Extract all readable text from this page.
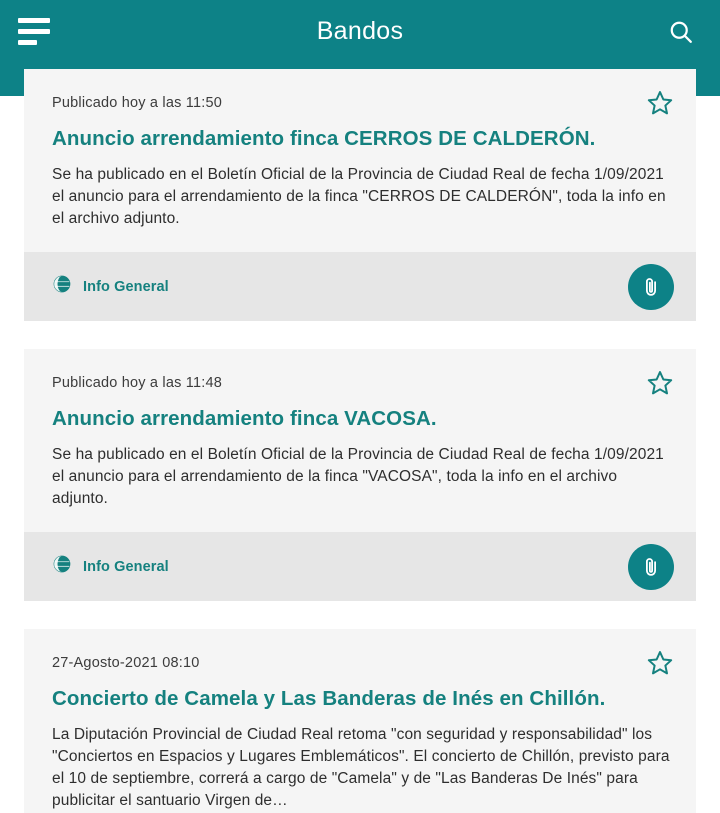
Bandos
Publicado hoy a las 11:50
Anuncio arrendamiento finca CERROS DE CALDERÓN.
Se ha publicado en el Boletín Oficial de la Provincia de Ciudad Real de fecha 1/09/2021 el anuncio para el arrendamiento de la finca "CERROS DE CALDERÓN", toda la info en el archivo adjunto.
Info General
Publicado hoy a las 11:48
Anuncio arrendamiento finca VACOSA.
Se ha publicado en el Boletín Oficial de la Provincia de Ciudad Real de fecha 1/09/2021 el anuncio para el arrendamiento de la finca "VACOSA", toda la info en el archivo adjunto.
Info General
27-Agosto-2021 08:10
Concierto de Camela y Las Banderas de Inés en Chillón.
La Diputación Provincial de Ciudad Real retoma "con seguridad y responsabilidad" los "Conciertos en Espacios y Lugares Emblemáticos". El concierto de Chillón, previsto para el 10 de septiembre, correrá a cargo de "Camela" y de "Las Banderas De Inés" para publicitar el santuario Virgen de…
